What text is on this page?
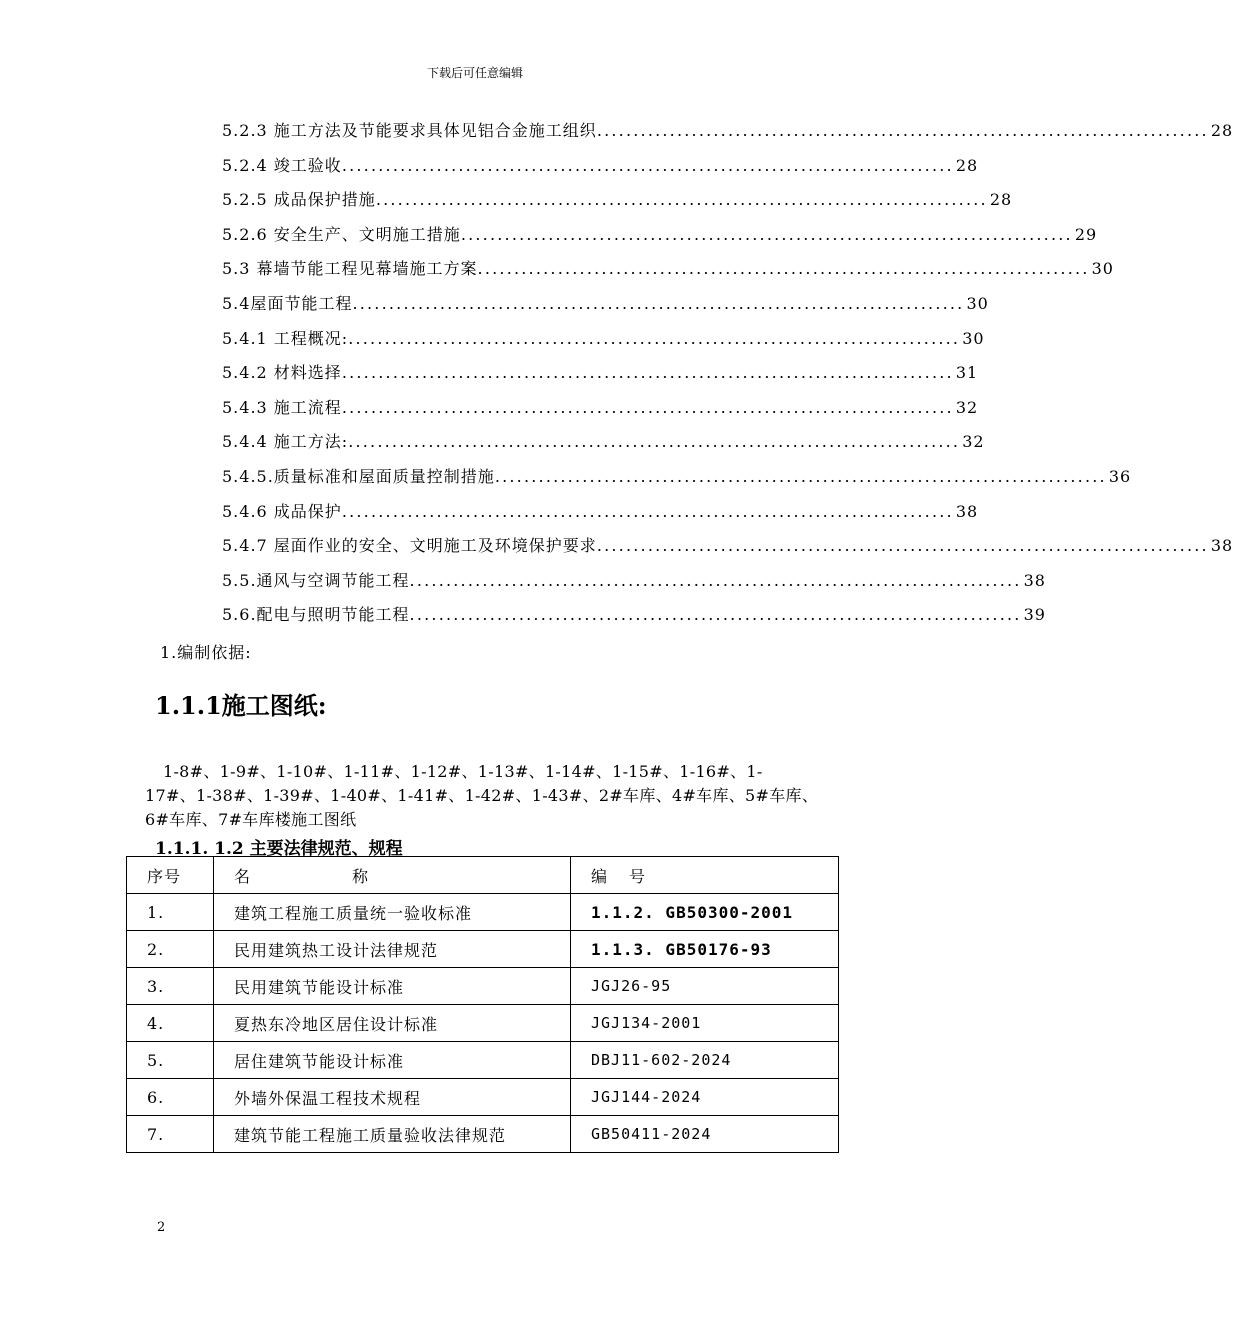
下载后可任意编辑
5.2.3 施工方法及节能要求具体见铝合金施工组织 .................................................................................... 28
5.2.4 竣工验收 .................................................................................... 28
5.2.5 成品保护措施 .................................................................................... 28
5.2.6 安全生产、文明施工措施 .................................................................................... 29
5.3 幕墙节能工程见幕墙施工方案 .................................................................................... 30
5.4屋面节能工程 .................................................................................... 30
5.4.1 工程概况: .................................................................................... 30
5.4.2 材料选择 .................................................................................... 31
5.4.3 施工流程 .................................................................................... 32
5.4.4 施工方法: .................................................................................... 32
5.4.5.质量标准和屋面质量控制措施 .................................................................................... 36
5.4.6 成品保护 .................................................................................... 38
5.4.7 屋面作业的安全、文明施工及环境保护要求 .................................................................................... 38
5.5.通风与空调节能工程 .................................................................................... 38
5.6.配电与照明节能工程 .................................................................................... 39
1.编制依据:
1.1.1施工图纸:
1-8#、1-9#、1-10#、1-11#、1-12#、1-13#、1-14#、1-15#、1-16#、1-
17#、1-38#、1-39#、1-40#、1-41#、1-42#、1-43#、2#车库、4#车库、5#车库、
6#车库、7#车库楼施工图纸
1.1.1. 1.2 主要法律规范、规程
序号	名 称	编 号

1.	建筑工程施工质量统一验收标准	1.1.2. GB50300-2001
2.	民用建筑热工设计法律规范	1.1.3. GB50176-93
3.	民用建筑节能设计标准	JGJ26-95
4.	夏热东冷地区居住设计标准	JGJ134-2001
5.	居住建筑节能设计标准	DBJ11-602-2024
6.	外墙外保温工程技术规程	JGJ144-2024
7.	建筑节能工程施工质量验收法律规范	GB50411-2024
2
